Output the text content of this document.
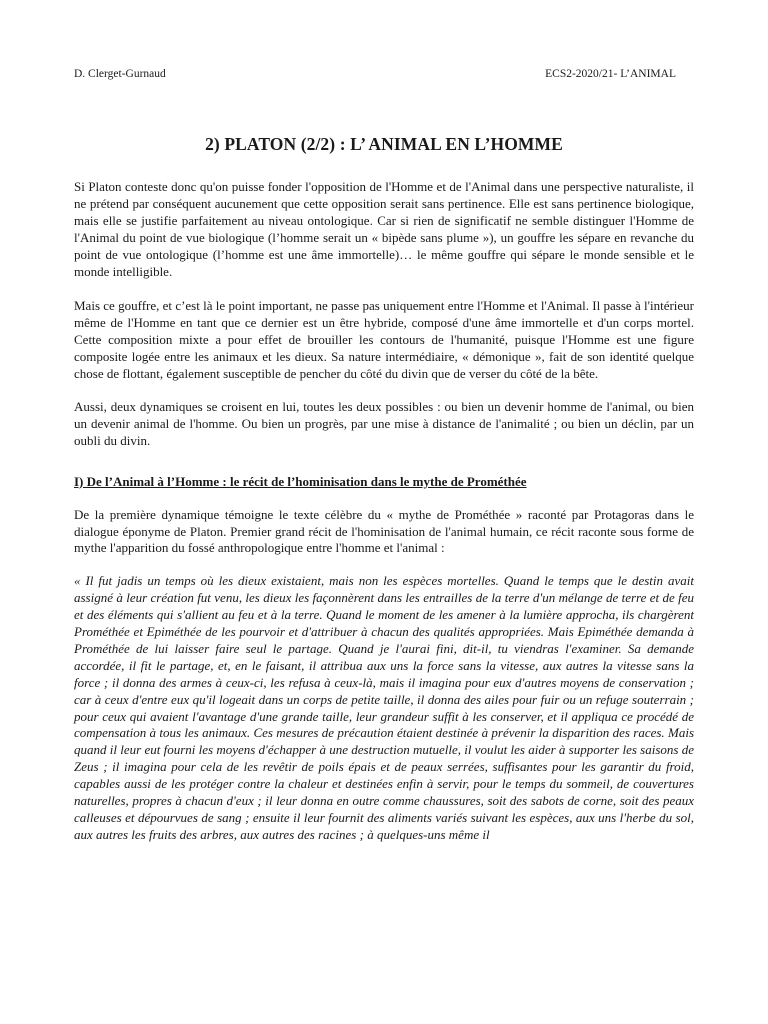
D. Clerget-Gurnaud	ECS2-2020/21- L’ANIMAL
2) PLATON (2/2) : L’ ANIMAL EN L’HOMME

Si Platon conteste donc qu'on puisse fonder l'opposition de l'Homme et de l'Animal dans une perspective naturaliste, il ne prétend par conséquent aucunement que cette opposition serait sans pertinence. Elle est sans pertinence biologique, mais elle se justifie parfaitement au niveau ontologique. Car si rien de significatif ne semble distinguer l'Homme de l'Animal du point de vue biologique (l’homme serait un « bipède sans plume »), un gouffre les sépare en revanche du point de vue ontologique (l’homme est une âme immortelle)… le même gouffre qui sépare le monde sensible et le monde intelligible.

Mais ce gouffre, et c’est là le point important, ne passe pas uniquement entre l'Homme et l'Animal. Il passe à l'intérieur même de l'Homme en tant que ce dernier est un être hybride, composé d'une âme immortelle et d'un corps mortel. Cette composition mixte a pour effet de brouiller les contours de l'humanité, puisque l'Homme est une figure composite logée entre les animaux et les dieux. Sa nature intermédiaire, « démonique », fait de son identité quelque chose de flottant, également susceptible de pencher du côté du divin que de verser du côté de la bête.

Aussi, deux dynamiques se croisent en lui, toutes les deux possibles : ou bien un devenir homme de l'animal, ou bien un devenir animal de l'homme. Ou bien un progrès, par une mise à distance de l'animalité ; ou bien un déclin, par un oubli du divin.

I) De l’Animal à l’Homme : le récit de l’hominisation dans le mythe de Prométhée

De la première dynamique témoigne le texte célèbre du « mythe de Prométhée » raconté par Protagoras dans le dialogue éponyme de Platon. Premier grand récit de l'hominisation de l'animal humain, ce récit raconte sous forme de mythe l'apparition du fossé anthropologique entre l'homme et l'animal :

« Il fut jadis un temps où les dieux existaient, mais non les espèces mortelles. Quand le temps que le destin avait assigné à leur création fut venu, les dieux les façonnèrent dans les entrailles de la terre d'un mélange de terre et de feu et des éléments qui s'allient au feu et à la terre. Quand le moment de les amener à la lumière approcha, ils chargèrent Prométhée et Epiméthée de les pourvoir et d'attribuer à chacun des qualités appropriées. Mais Epiméthée demanda à Prométhée de lui laisser faire seul le partage. Quand je l'aurai fini, dit-il, tu viendras l'examiner. Sa demande accordée, il fit le partage, et, en le faisant, il attribua aux uns la force sans la vitesse, aux autres la vitesse sans la force ; il donna des armes à ceux-ci, les refusa à ceux-là, mais il imagina pour eux d'autres moyens de conservation ; car à ceux d'entre eux qu'il logeait dans un corps de petite taille, il donna des ailes pour fuir ou un refuge souterrain ; pour ceux qui avaient l'avantage d'une grande taille, leur grandeur suffit à les conserver, et il appliqua ce procédé de compensation à tous les animaux. Ces mesures de précaution étaient destinée à prévenir la disparition des races. Mais quand il leur eut fourni les moyens d'échapper à une destruction mutuelle, il voulut les aider à supporter les saisons de Zeus ; il imagina pour cela de les revêtir de poils épais et de peaux serrées, suffisantes pour les garantir du froid, capables aussi de les protéger contre la chaleur et destinées enfin à servir, pour le temps du sommeil, de couvertures naturelles, propres à chacun d'eux ; il leur donna en outre comme chaussures, soit des sabots de corne, soit des peaux calleuses et dépourvues de sang ; ensuite il leur fournit des aliments variés suivant les espèces, aux uns l'herbe du sol, aux autres les fruits des arbres, aux autres des racines ; à quelques-uns même il
